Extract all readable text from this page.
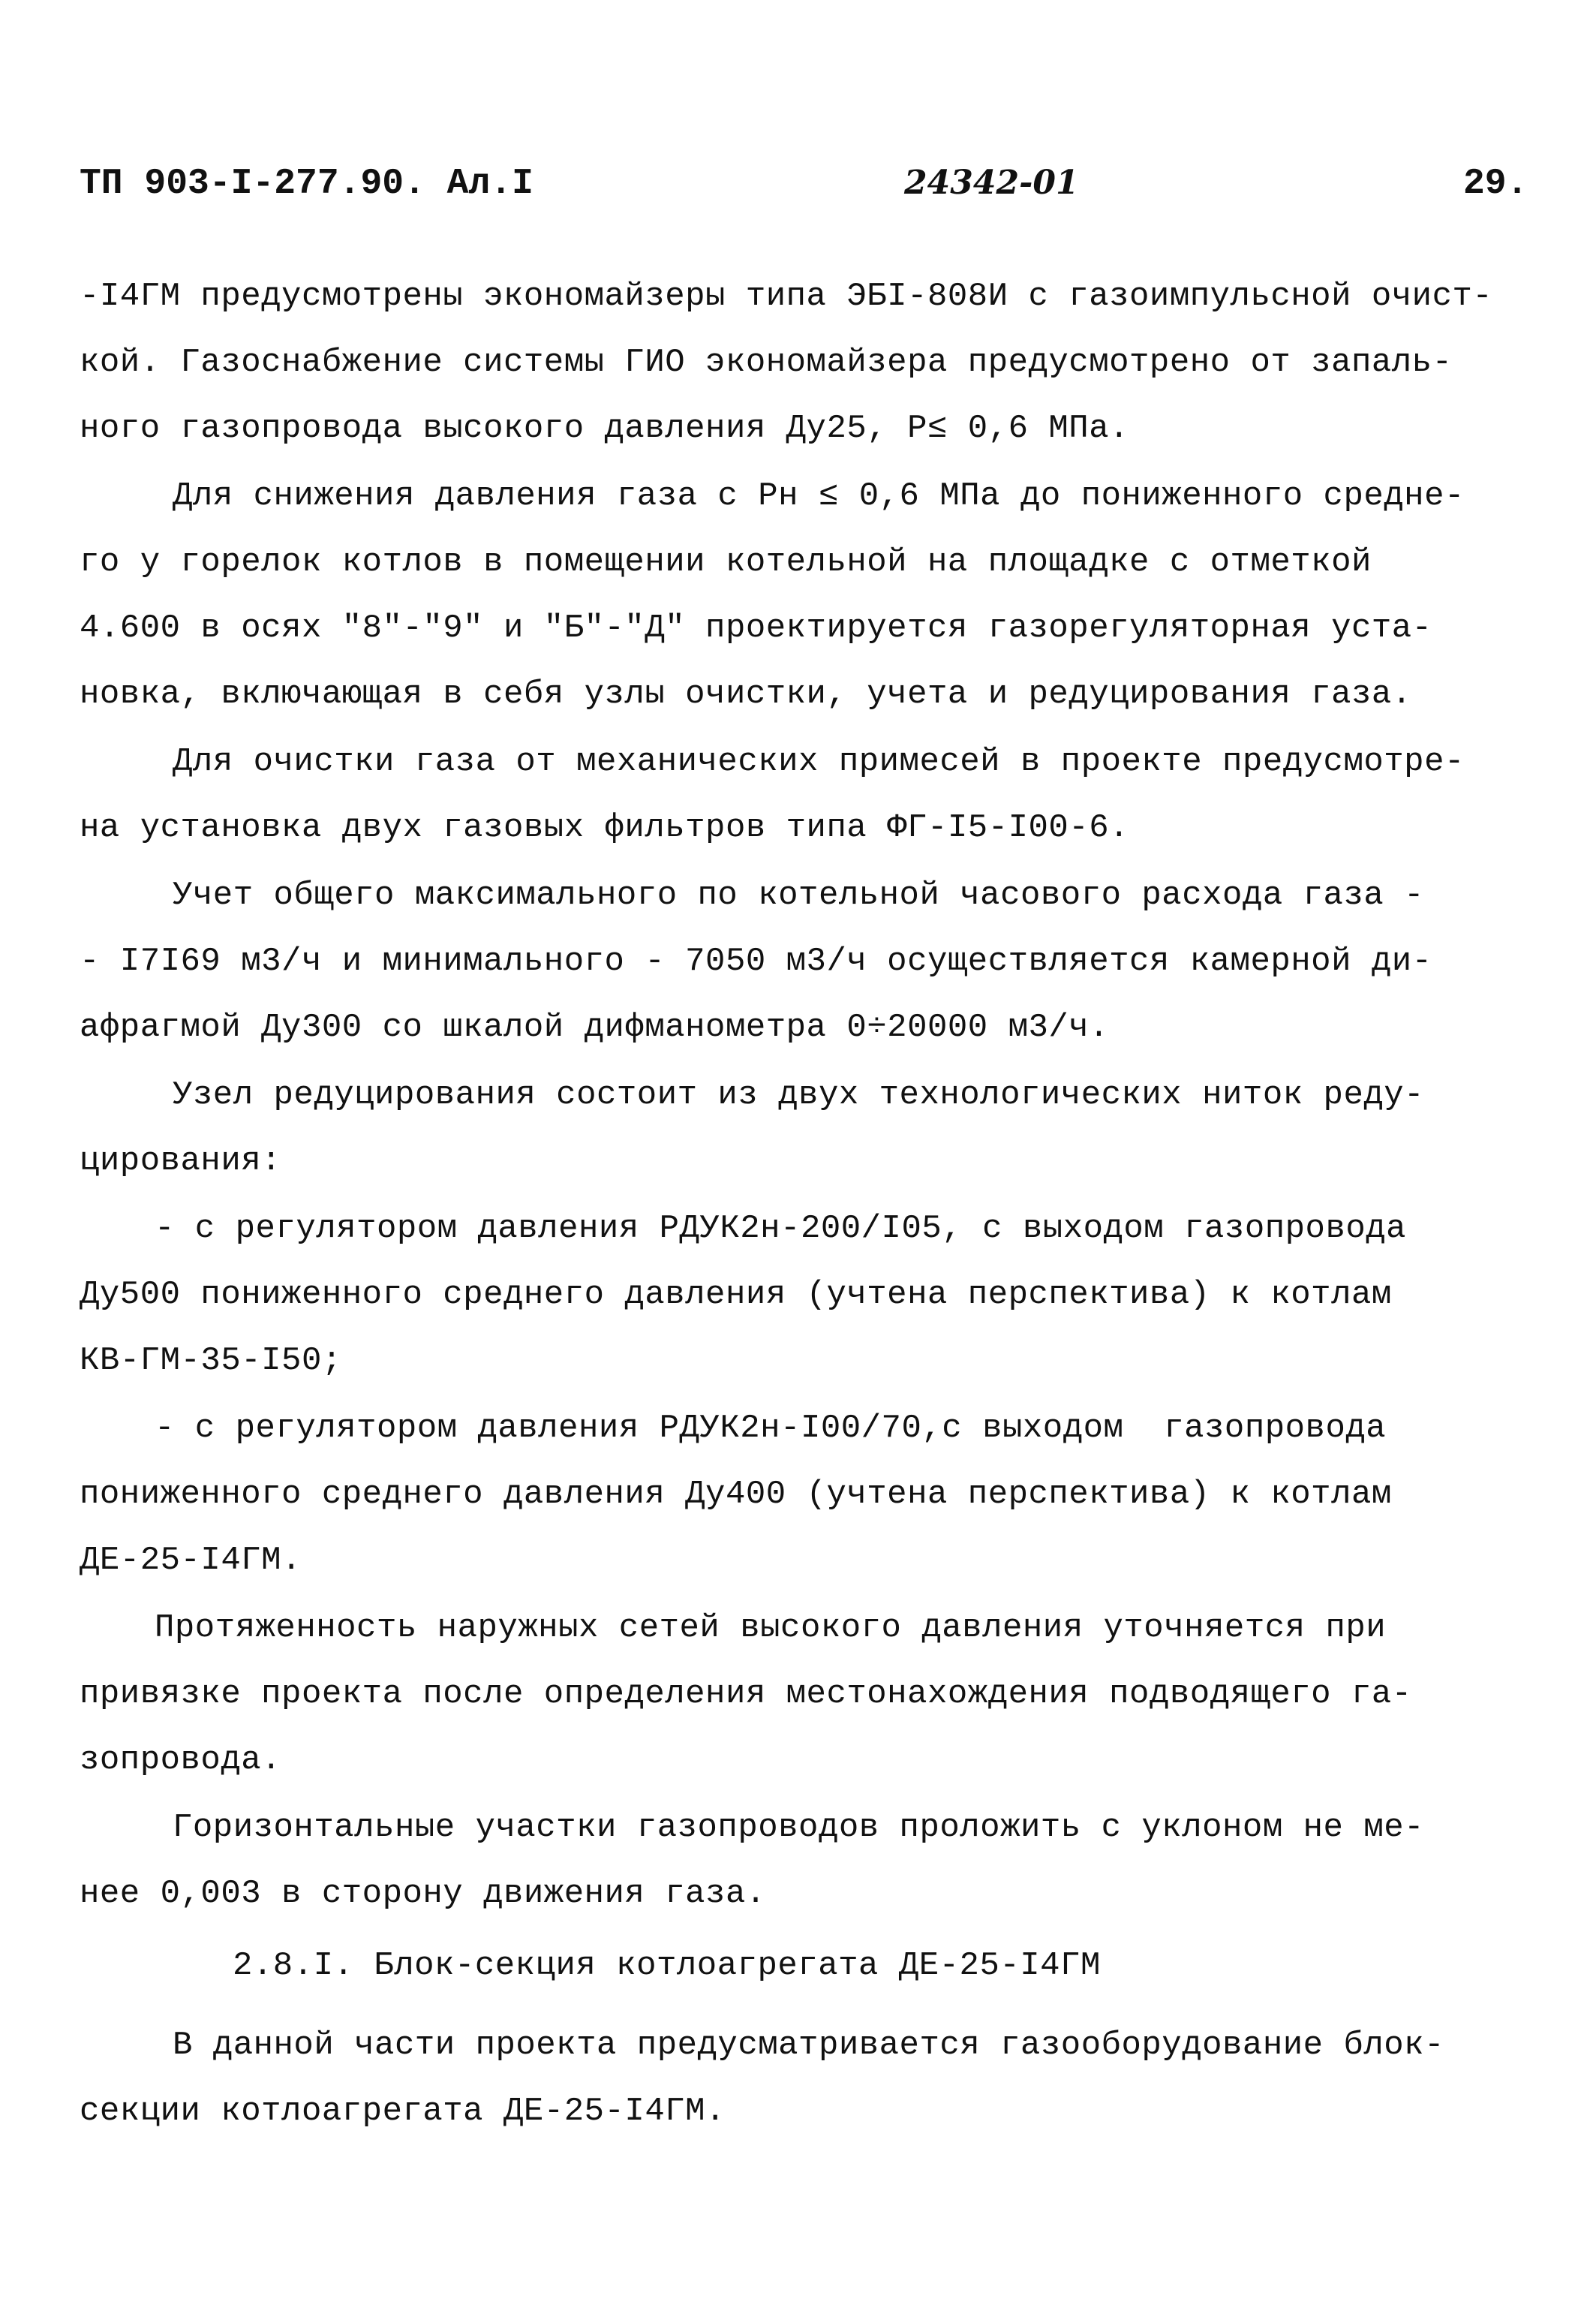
ТП 903-I-277.90. Ал.I	24342-01	29.
-I4ГМ предусмотрены экономайзеры типа ЭБI-808И с газоимпульсной очист-
кой. Газоснабжение системы ГИО экономайзера предусмотрено от запаль-
ного газопровода высокого давления Ду25, Р≤ 0,6 МПа.
Для снижения давления газа с Рн ≤ 0,6 МПа до пониженного средне-
го у горелок котлов в помещении котельной на площадке с отметкой
4.600 в осях "8"-"9" и "Б"-"Д" проектируется газорегуляторная уста-
новка, включающая в себя узлы очистки, учета и редуцирования газа.
Для очистки газа от механических примесей в проекте предусмотре-
на установка двух газовых фильтров типа ФГ-I5-I00-6.
Учет общего максимального по котельной часового расхода газа -
- I7I69 м3/ч и минимального - 7050 м3/ч осуществляется камерной ди-
афрагмой Ду300 со шкалой дифманометра 0÷20000 м3/ч.
Узел редуцирования состоит из двух технологических ниток реду-
цирования:
- с регулятором давления РДУК2н-200/I05, с выходом газопровода
Ду500 пониженного среднего давления (учтена перспектива) к котлам
КВ-ГМ-35-I50;
- с регулятором давления РДУК2н-I00/70,с выходом  газопровода
пониженного среднего давления Ду400 (учтена перспектива) к котлам
ДЕ-25-I4ГМ.
Протяженность наружных сетей высокого давления уточняется при
привязке проекта после определения местонахождения подводящего га-
зопровода.
Горизонтальные участки газопроводов проложить с уклоном не ме-
нее 0,003 в сторону движения газа.
2.8.I. Блок-секция котлоагрегата ДЕ-25-I4ГМ
В данной части проекта предусматривается газооборудование блок-
секции котлоагрегата ДЕ-25-I4ГМ.
